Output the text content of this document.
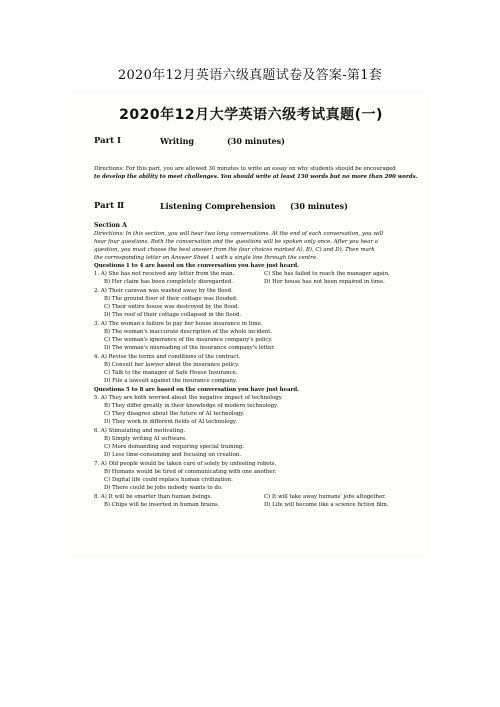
2020年12月英语六级真题试卷及答案-第1套
2020年12月大学英语六级考试真题(一)
Part Ⅰ	Writing	(30 minutes)
Directions: For this part, you are allowed 30 minutes to write an essay on why students should be encouraged
to develop the ability to meet challenges. You should write at least 150 words but no more than 200 words.
Part Ⅱ	Listening Comprehension (30 minutes)
Section A
Directions: In this section, you will hear two long conversations. At the end of each conversation, you will
hear four questions. Both the conversation and the questions will be spoken only once. After you hear a
question, you must choose the best answer from the four choices marked A), B), C) and D). Then mark
the corresponding letter on Answer Sheet 1 with a single line through the centre.
Questions 1 to 4 are based on the conversation you have just heard.
1. A) She has not received any letter from the man.	C) She has failed to reach the manager again.
B) Her claim has been completely disregarded.	D) Her house has not been repaired in time.
2. A) Their caravan was washed away by the flood.
B) The ground floor of their cottage was flooded.
C) Their entire house was destroyed by the flood.
D) The roof of their cottage collapsed in the flood.
3. A) The woman's failure to pay her house insurance in time.
B) The woman's inaccurate description of the whole incident.
C) The woman's ignorance of the insurance company's policy.
D) The woman's misreading of the insurance company's letter.
4. A) Revise the terms and conditions of the contract.
B) Consult her lawyer about the insurance policy.
C) Talk to the manager of Safe House Insurance.
D) File a lawsuit against the insurance company.
Questions 5 to 8 are based on the conversation you have just heard.
5. A) They are both worried about the negative impact of technology.
B) They differ greatly in their knowledge of modern technology.
C) They disagree about the future of AI technology.
D) They work in different fields of AI technology.
6. A) Stimulating and motivating.
B) Simply writing AI software.
C) More demanding and requiring special training.
D) Less time-consuming and focusing on creation.
7. A) Old people would be taken care of solely by unfeeling robots.
B) Humans would be tired of communicating with one another.
C) Digital life could replace human civilization.
D) There could be jobs nobody wants to do.
8. A) It will be smarter than human beings.	C) It will take away humans' jobs altogether.
B) Chips will be inserted in human brains.	D) Life will become like a science fiction film.
